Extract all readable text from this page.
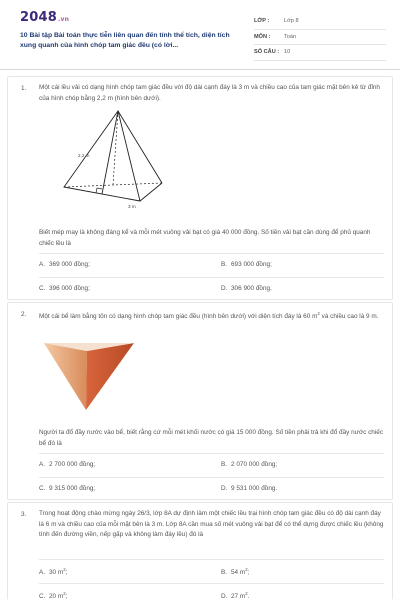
2048.vn
10 Bài tập Bài toán thực tiễn liên quan đến tính thể tích, diện tích xung quanh của hình chóp tam giác đều (có lời...
LỚP :	Lớp 8
MÔN :	Toán
SỐ CÂU : 10
1. Một cái lều vải có dạng hình chóp tam giác đều với độ dài cạnh đáy là 3 m và chiều cao của tam giác mặt bên kẻ từ đỉnh của hình chóp bằng 2,2 m (hình bên dưới).
2,2 m
3 m
Biết mép may là không đáng kể và mỗi mét vuông vải bạt có giá 40 000 đồng. Số tiền vải bạt cần dùng để phủ quanh chiếc lều là
A. 369 000 đồng;	B. 693 000 đồng;
C. 396 000 đồng;	D. 306 900 đồng.
2. Một cái bể làm bằng tôn có dạng hình chóp tam giác đều (hình bên dưới) với diện tích đáy là 60 $m^2$ và chiều cao là 9 m.
Người ta đổ đầy nước vào bể, biết rằng cứ mỗi mét khối nước có giá 15 000 đồng. Số tiền phải trả khi đổ đầy nước chiếc bể đó là
A. 2 700 000 đồng;	B. 2 070 000 đồng;
C. 9 315 000 đồng;	D. 9 531 000 đồng.
3. Trong hoạt động chào mừng ngày 26/3, lớp 8A dự định làm một chiếc lều trại hình chóp tam giác đều có độ dài cạnh đáy là 6 m và chiều cao của mỗi mặt bên là 3 m. Lớp 8A cần mua số mét vuông vải bạt để có thể dựng được chiếc lều (không tính đến đường viền, nếp gấp và không làm đáy lều) đó là
A. 30 $m^2$;	B. 54 $m^2$;
C. 20 $m^2$;	D. 27 $m^2$.
